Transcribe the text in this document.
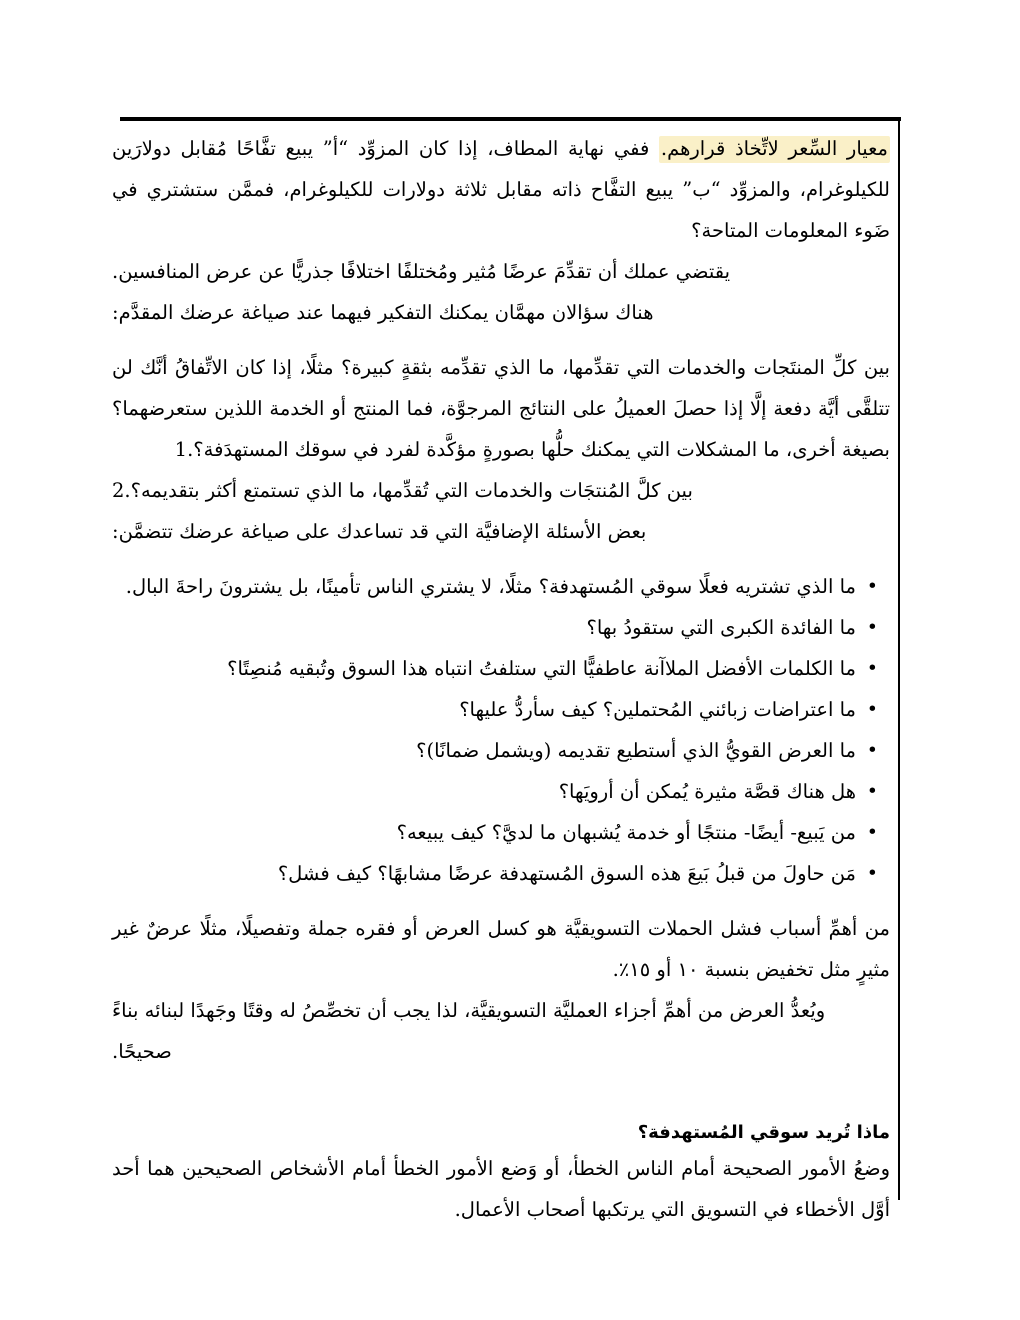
معيار السِّعر لاتِّخاذ قرارهم. ففي نهاية المطاف، إذا كان المزوِّد “أ” يبيع تفَّاحًا مُقابل دولارَين للكيلوغرام، والمزوِّد “ب” يبيع التفَّاح ذاته مقابل ثلاثة دولارات للكيلوغرام، فممَّن ستشتري في ضَوء المعلومات المتاحة؟

يقتضي عملك أن تقدِّمَ عرضًا مُثير ومُختلفًا اختلافًا جذريًّا عن عرض المنافسين.

هناك سؤالان مهمَّان يمكنك التفكير فيهما عند صياغة عرضك المقدَّم:

بين كلِّ المنتَجات والخدمات التي تقدِّمها، ما الذي تقدِّمه بثقةٍ كبيرة؟ مثلًا، إذا كان الاتِّفاقُ أنَّك لن تتلقَّى أيَّة دفعة إلَّا إذا حصلَ العميلُ على النتائج المرجوَّة، فما المنتج أو الخدمة اللذين ستعرضهما؟ بصيغة أخرى، ما المشكلات التي يمكنك حلُّها بصورةٍ مؤكَّدة لفرد في سوقك المستهدَفة؟1.
بين كلَّ المُنتجَات والخدمات التي تُقدِّمها، ما الذي تستمتع أكثر بتقديمه؟2.

بعض الأسئلة الإضافيَّة التي قد تساعدك على صياغة عرضك تتضمَّن:

•
ما الذي تشتريه فعلًا سوقي المُستهدفة؟ مثلًا، لا يشتري الناس تأمينًا، بل يشترونَ راحةَ البال.
•
ما الفائدة الكبرى التي ستقودُ بها؟
•
ما الكلمات الأفضل الملاآنة عاطفيًّا التي ستلفتُ انتباه هذا السوق وتُبقيه مُنصِتًا؟
•
ما اعتراضات زبائني المُحتملين؟ كيف سأردُّ عليها؟
•
ما العرض القويُّ الذي أستطيع تقديمه (ويشمل ضمانًا)؟
•
هل هناك قصَّة مثيرة يُمكن أن أرويَها؟
•
من يَبيع- أيضًا- منتجًا أو خدمة يُشبهان ما لديَّ؟ كيف يبيعه؟
•
مَن حاولَ من قبلُ بَيعَ هذه السوق المُستهدفة عرضًا مشابهًا؟ كيف فشل؟

من أهمِّ أسباب فشل الحملات التسويقيَّة هو كسل العرض أو فقره جملة وتفصيلًا، مثلًا عرضٌ غير مثيرٍ مثل تخفيض بنسبة ١٠ أو ١٥٪.

ويُعدُّ العرض من أهمِّ أجزاء العمليَّة التسويقيَّة، لذا يجب أن تخصِّصُ له وقتًا وجَهدًا لبنائه بناءً صحيحًا.

ماذا تُريد سوقي المُستهدفة؟

وضعُ الأمور الصحيحة أمام الناس الخطأ، أو وَضع الأمور الخطأ أمام الأشخاص الصحيحين هما أحد أوَّل الأخطاء في التسويق التي يرتكبها أصحاب الأعمال.
